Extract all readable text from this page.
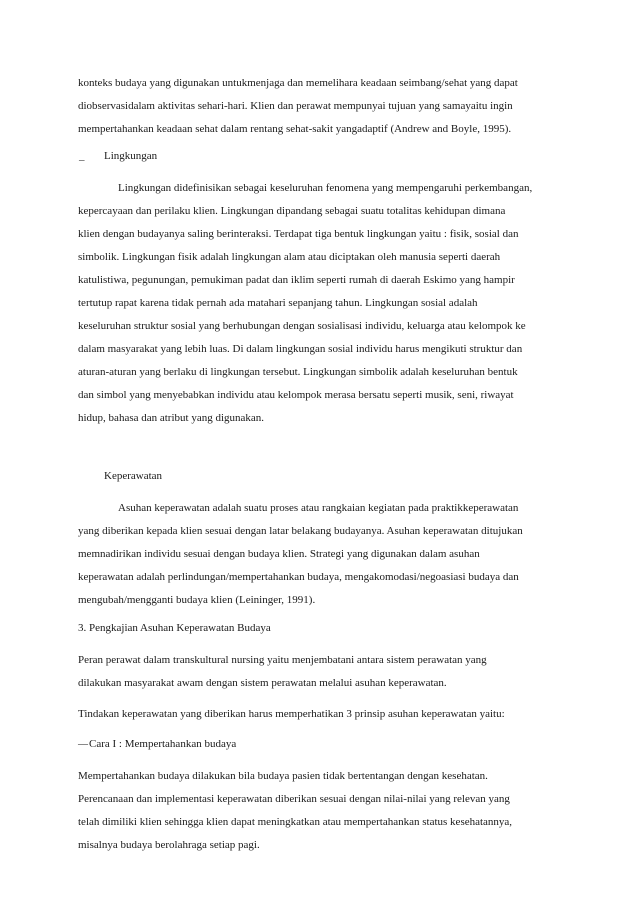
konteks budaya yang digunakan untukmenjaga dan memelihara keadaan seimbang/sehat yang dapat
diobservasidalam aktivitas sehari-hari. Klien dan perawat mempunyai tujuan yang samayaitu ingin
mempertahankan keadaan sehat dalam rentang sehat-sakit yangadaptif (Andrew and Boyle, 1995).
_ Lingkungan
Lingkungan didefinisikan sebagai keseluruhan fenomena yang mempengaruhi perkembangan,
kepercayaan dan perilaku klien. Lingkungan dipandang sebagai suatu totalitas kehidupan dimana
klien dengan budayanya saling berinteraksi. Terdapat tiga bentuk lingkungan yaitu : fisik, sosial dan
simbolik. Lingkungan fisik adalah lingkungan alam atau diciptakan oleh manusia seperti daerah
katulistiwa, pegunungan, pemukiman padat dan iklim seperti rumah di daerah Eskimo yang hampir
tertutup rapat karena tidak pernah ada matahari sepanjang tahun. Lingkungan sosial adalah
keseluruhan struktur sosial yang berhubungan dengan sosialisasi individu, keluarga atau kelompok ke
dalam masyarakat yang lebih luas. Di dalam lingkungan sosial individu harus mengikuti struktur dan
aturan-aturan yang berlaku di lingkungan tersebut. Lingkungan simbolik adalah keseluruhan bentuk
dan simbol yang menyebabkan individu atau kelompok merasa bersatu seperti musik, seni, riwayat
hidup, bahasa dan atribut yang digunakan.
Keperawatan
Asuhan keperawatan adalah suatu proses atau rangkaian kegiatan pada praktikkeperawatan
yang diberikan kepada klien sesuai dengan latar belakang budayanya. Asuhan keperawatan ditujukan
memnadirikan individu sesuai dengan budaya klien. Strategi yang digunakan dalam asuhan
keperawatan adalah perlindungan/mempertahankan budaya, mengakomodasi/negoasiasi budaya dan
mengubah/mengganti budaya klien (Leininger, 1991).
3. Pengkajian Asuhan Keperawatan Budaya
Peran perawat dalam transkultural nursing yaitu menjembatani antara sistem perawatan yang
dilakukan masyarakat awam dengan sistem perawatan melalui asuhan keperawatan.
Tindakan keperawatan yang diberikan harus memperhatikan 3 prinsip asuhan keperawatan yaitu:
— Cara I : Mempertahankan budaya
Mempertahankan budaya dilakukan bila budaya pasien tidak bertentangan dengan kesehatan.
Perencanaan dan implementasi keperawatan diberikan sesuai dengan nilai-nilai yang relevan yang
telah dimiliki klien sehingga klien dapat meningkatkan atau mempertahankan status kesehatannya,
misalnya budaya berolahraga setiap pagi.
